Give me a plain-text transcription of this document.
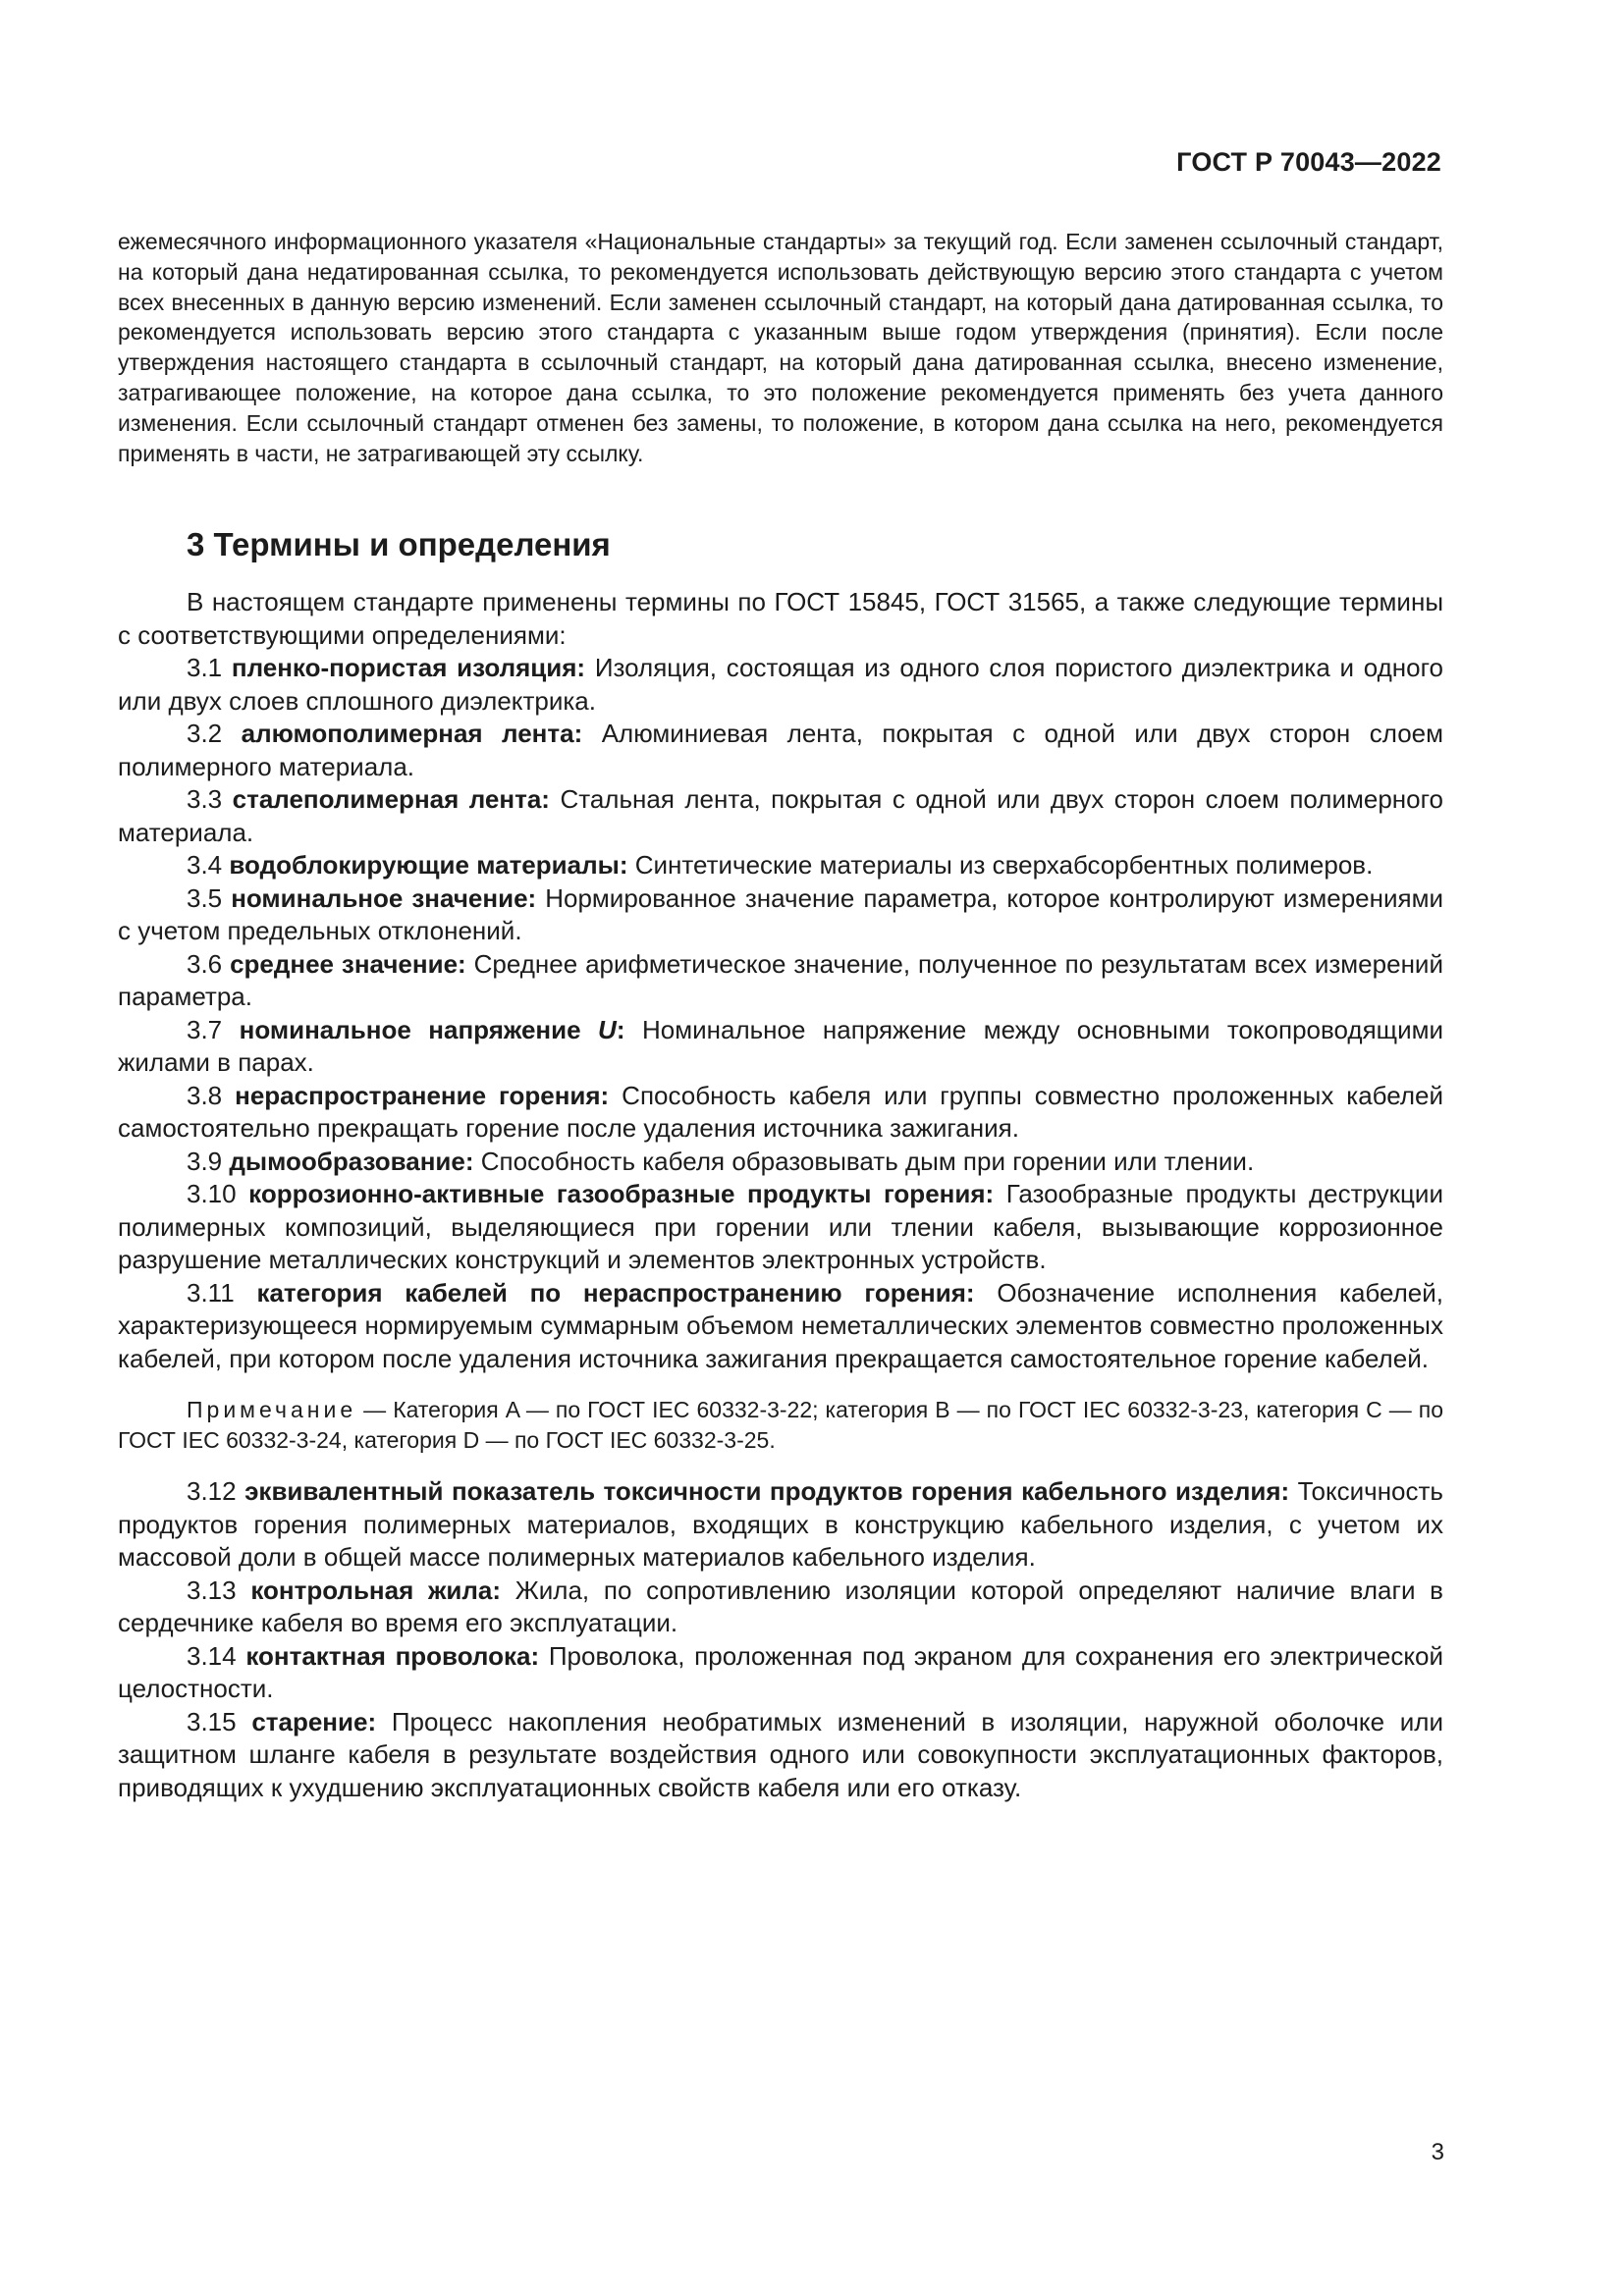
ГОСТ Р 70043—2022
ежемесячного информационного указателя «Национальные стандарты» за текущий год. Если заменен ссылочный стандарт, на который дана недатированная ссылка, то рекомендуется использовать действующую версию этого стандарта с учетом всех внесенных в данную версию изменений. Если заменен ссылочный стандарт, на который дана датированная ссылка, то рекомендуется использовать версию этого стандарта с указанным выше годом утверждения (принятия). Если после утверждения настоящего стандарта в ссылочный стандарт, на который дана датированная ссылка, внесено изменение, затрагивающее положение, на которое дана ссылка, то это положение рекомендуется применять без учета данного изменения. Если ссылочный стандарт отменен без замены, то положение, в котором дана ссылка на него, рекомендуется применять в части, не затрагивающей эту ссылку.
3 Термины и определения

В настоящем стандарте применены термины по ГОСТ 15845, ГОСТ 31565, а также следующие термины с соответствующими определениями:

3.1 пленко-пористая изоляция: Изоляция, состоящая из одного слоя пористого диэлектрика и одного или двух слоев сплошного диэлектрика.

3.2 алюмополимерная лента: Алюминиевая лента, покрытая с одной или двух сторон слоем полимерного материала.

3.3 сталеполимерная лента: Стальная лента, покрытая с одной или двух сторон слоем полимерного материала.

3.4 водоблокирующие материалы: Синтетические материалы из сверхабсорбентных полимеров.

3.5 номинальное значение: Нормированное значение параметра, которое контролируют измерениями с учетом предельных отклонений.

3.6 среднее значение: Среднее арифметическое значение, полученное по результатам всех измерений параметра.

3.7 номинальное напряжение U: Номинальное напряжение между основными токопроводящими жилами в парах.

3.8 нераспространение горения: Способность кабеля или группы совместно проложенных кабелей самостоятельно прекращать горение после удаления источника зажигания.

3.9 дымообразование: Способность кабеля образовывать дым при горении или тлении.

3.10 коррозионно-активные газообразные продукты горения: Газообразные продукты деструкции полимерных композиций, выделяющиеся при горении или тлении кабеля, вызывающие коррозионное разрушение металлических конструкций и элементов электронных устройств.

3.11 категория кабелей по нераспространению горения: Обозначение исполнения кабелей, характеризующееся нормируемым суммарным объемом неметаллических элементов совместно проложенных кабелей, при котором после удаления источника зажигания прекращается самостоятельное горение кабелей.

Примечание — Категория A — по ГОСТ IEC 60332-3-22; категория B — по ГОСТ IEC 60332-3-23, категория C — по ГОСТ IEC 60332-3-24, категория D — по ГОСТ IEC 60332-3-25.

3.12 эквивалентный показатель токсичности продуктов горения кабельного изделия: Токсичность продуктов горения полимерных материалов, входящих в конструкцию кабельного изделия, с учетом их массовой доли в общей массе полимерных материалов кабельного изделия.

3.13 контрольная жила: Жила, по сопротивлению изоляции которой определяют наличие влаги в сердечнике кабеля во время его эксплуатации.

3.14 контактная проволока: Проволока, проложенная под экраном для сохранения его электрической целостности.

3.15 старение: Процесс накопления необратимых изменений в изоляции, наружной оболочке или защитном шланге кабеля в результате воздействия одного или совокупности эксплуатационных факторов, приводящих к ухудшению эксплуатационных свойств кабеля или его отказу.

3
